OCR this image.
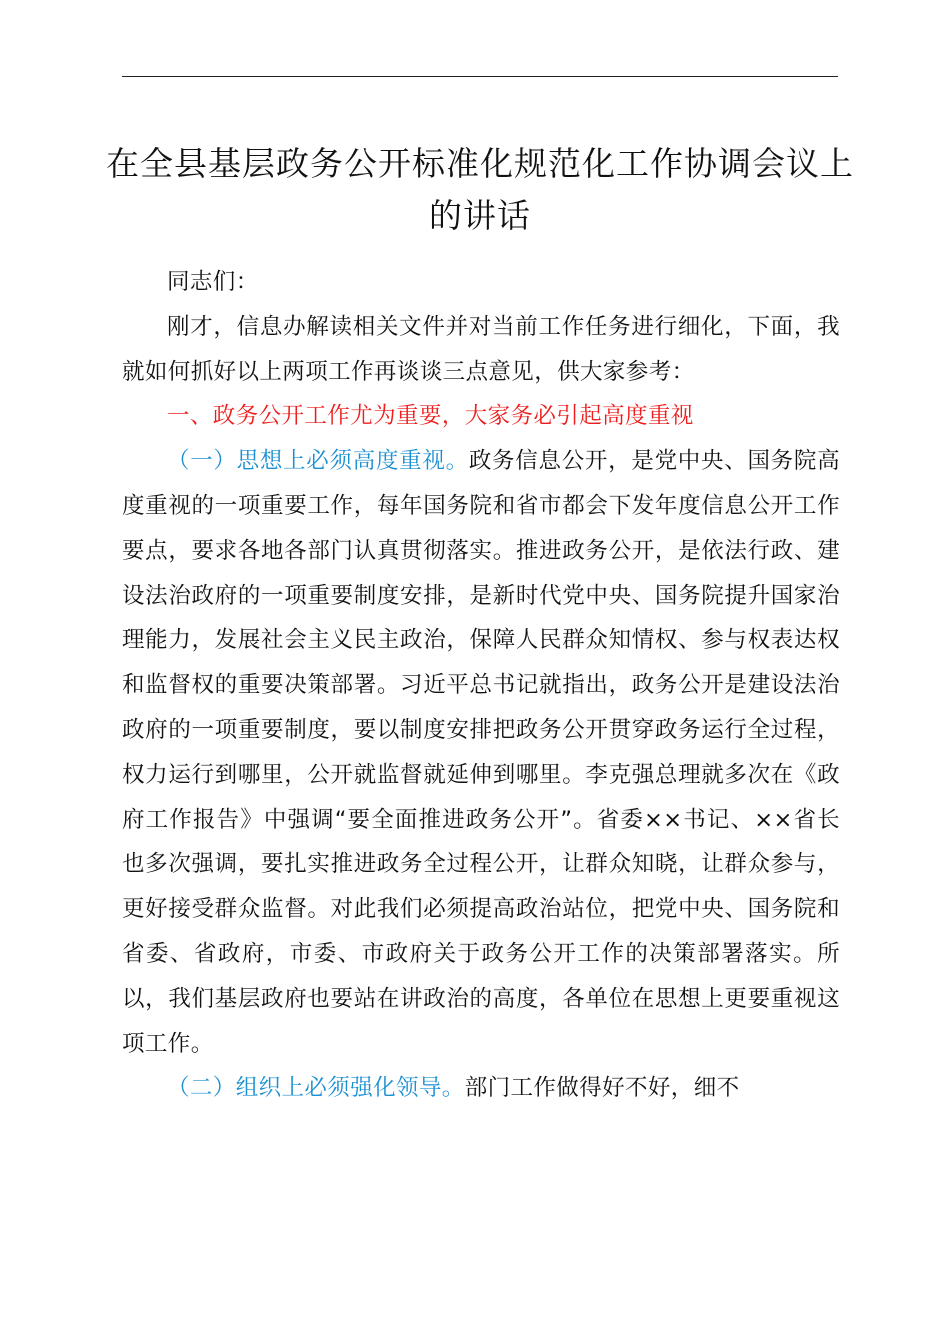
在全县基层政务公开标准化规范化工作协调会议上的讲话

同志们：

刚才，信息办解读相关文件并对当前工作任务进行细化，下面，我就如何抓好以上两项工作再谈谈三点意见，供大家参考：

一、政务公开工作尤为重要，大家务必引起高度重视

（一）思想上必须高度重视。政务信息公开，是党中央、国务院高度重视的一项重要工作，每年国务院和省市都会下发年度信息公开工作要点，要求各地各部门认真贯彻落实。推进政务公开，是依法行政、建设法治政府的一项重要制度安排，是新时代党中央、国务院提升国家治理能力，发展社会主义民主政治，保障人民群众知情权、参与权表达权和监督权的重要决策部署。习近平总书记就指出，政务公开是建设法治政府的一项重要制度，要以制度安排把政务公开贯穿政务运行全过程，权力运行到哪里，公开就监督就延伸到哪里。李克强总理就多次在《政府工作报告》中强调“要全面推进政务公开”。省委××书记、××省长也多次强调，要扎实推进政务全过程公开，让群众知晓，让群众参与，更好接受群众监督。对此我们必须提高政治站位，把党中央、国务院和省委、省政府，市委、市政府关于政务公开工作的决策部署落实。所以，我们基层政府也要站在讲政治的高度，各单位在思想上更要重视这项工作。

（二）组织上必须强化领导。部门工作做得好不好，细不
